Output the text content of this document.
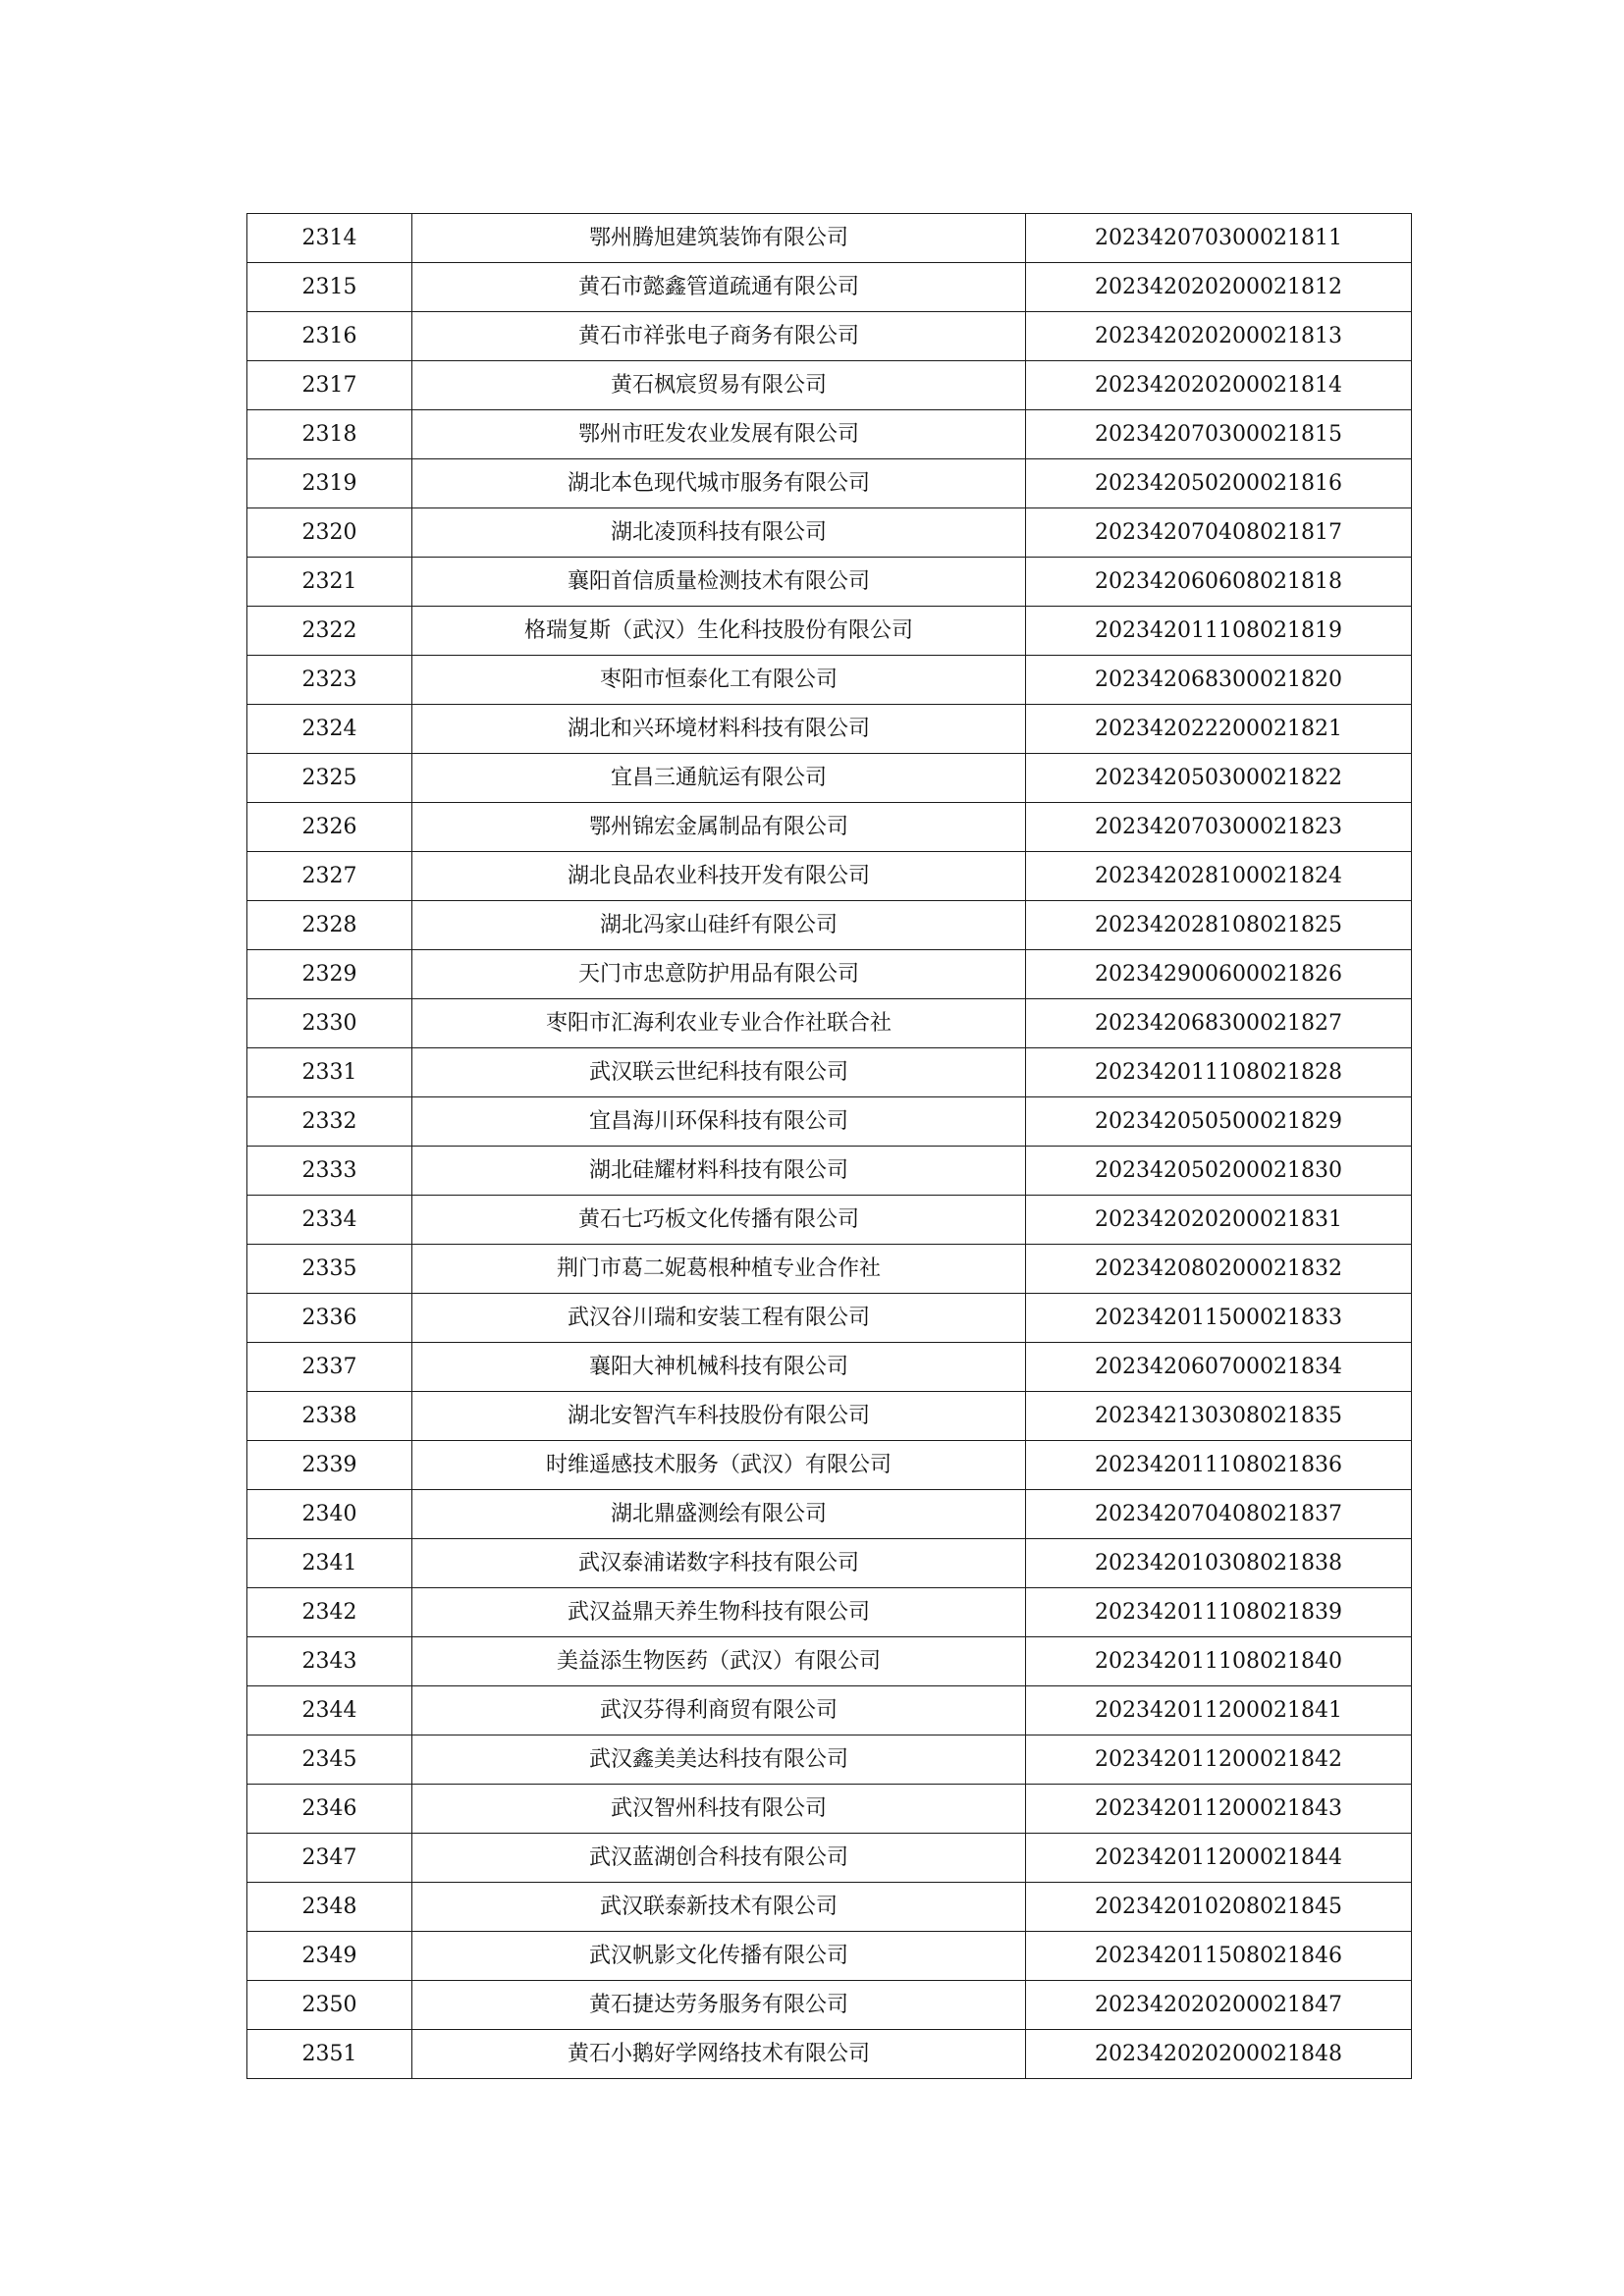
2314	鄂州腾旭建筑装饰有限公司	202342070300021811
2315	黄石市懿鑫管道疏通有限公司	202342020200021812
2316	黄石市祥张电子商务有限公司	202342020200021813
2317	黄石枫宸贸易有限公司	202342020200021814
2318	鄂州市旺发农业发展有限公司	202342070300021815
2319	湖北本色现代城市服务有限公司	202342050200021816
2320	湖北凌顶科技有限公司	202342070408021817
2321	襄阳首信质量检测技术有限公司	202342060608021818
2322	格瑞复斯（武汉）生化科技股份有限公司	202342011108021819
2323	枣阳市恒泰化工有限公司	202342068300021820
2324	湖北和兴环境材料科技有限公司	202342022200021821
2325	宜昌三通航运有限公司	202342050300021822
2326	鄂州锦宏金属制品有限公司	202342070300021823
2327	湖北良品农业科技开发有限公司	202342028100021824
2328	湖北冯家山硅纤有限公司	202342028108021825
2329	天门市忠意防护用品有限公司	202342900600021826
2330	枣阳市汇海利农业专业合作社联合社	202342068300021827
2331	武汉联云世纪科技有限公司	202342011108021828
2332	宜昌海川环保科技有限公司	202342050500021829
2333	湖北硅耀材料科技有限公司	202342050200021830
2334	黄石七巧板文化传播有限公司	202342020200021831
2335	荆门市葛二妮葛根种植专业合作社	202342080200021832
2336	武汉谷川瑞和安装工程有限公司	202342011500021833
2337	襄阳大神机械科技有限公司	202342060700021834
2338	湖北安智汽车科技股份有限公司	202342130308021835
2339	时维遥感技术服务（武汉）有限公司	202342011108021836
2340	湖北鼎盛测绘有限公司	202342070408021837
2341	武汉泰浦诺数字科技有限公司	202342010308021838
2342	武汉益鼎天养生物科技有限公司	202342011108021839
2343	美益添生物医药（武汉）有限公司	202342011108021840
2344	武汉芬得利商贸有限公司	202342011200021841
2345	武汉鑫美美达科技有限公司	202342011200021842
2346	武汉智州科技有限公司	202342011200021843
2347	武汉蓝湖创合科技有限公司	202342011200021844
2348	武汉联泰新技术有限公司	202342010208021845
2349	武汉帆影文化传播有限公司	202342011508021846
2350	黄石捷达劳务服务有限公司	202342020200021847
2351	黄石小鹅好学网络技术有限公司	202342020200021848
